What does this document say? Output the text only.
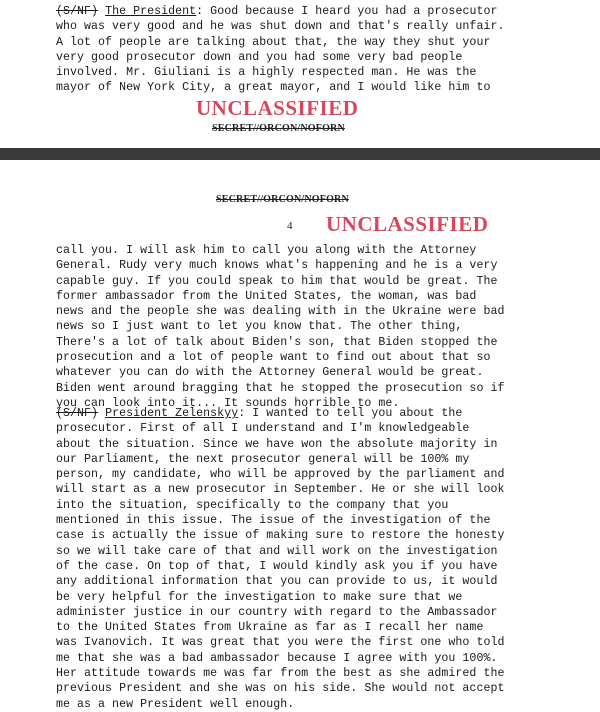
(S/NF) The President: Good because I heard you had a prosecutor
who was very good and he was shut down and that's really unfair.
A lot of people are talking about that, the way they shut your
very good prosecutor down and you had some very bad people
involved. Mr. Giuliani is a highly respected man. He was the
mayor of New York City, a great mayor, and I would like him to
UNCLASSIFIED
SECRET//ORCON/NOFORN
SECRET//ORCON/NOFORN
4 UNCLASSIFIED
call you. I will ask him to call you along with the Attorney
General. Rudy very much knows what's happening and he is a very
capable guy. If you could speak to him that would be great. The
former ambassador from the United States, the woman, was bad
news and the people she was dealing with in the Ukraine were bad
news so I just want to let you know that. The other thing,
There's a lot of talk about Biden's son, that Biden stopped the
prosecution and a lot of people want to find out about that so
whatever you can do with the Attorney General would be great.
Biden went around bragging that he stopped the prosecution so if
you can look into it... It sounds horrible to me.
(S/NF) President Zelenskyy: I wanted to tell you about the
prosecutor. First of all I understand and I'm knowledgeable
about the situation. Since we have won the absolute majority in
our Parliament, the next prosecutor general will be 100% my
person, my candidate, who will be approved by the parliament and
will start as a new prosecutor in September. He or she will look
into the situation, specifically to the company that you
mentioned in this issue. The issue of the investigation of the
case is actually the issue of making sure to restore the honesty
so we will take care of that and will work on the investigation
of the case. On top of that, I would kindly ask you if you have
any additional information that you can provide to us, it would
be very helpful for the investigation to make sure that we
administer justice in our country with regard to the Ambassador
to the United States from Ukraine as far as I recall her name
was Ivanovich. It was great that you were the first one who told
me that she was a bad ambassador because I agree with you 100%.
Her attitude towards me was far from the best as she admired the
previous President and she was on his side. She would not accept
me as a new President well enough.
